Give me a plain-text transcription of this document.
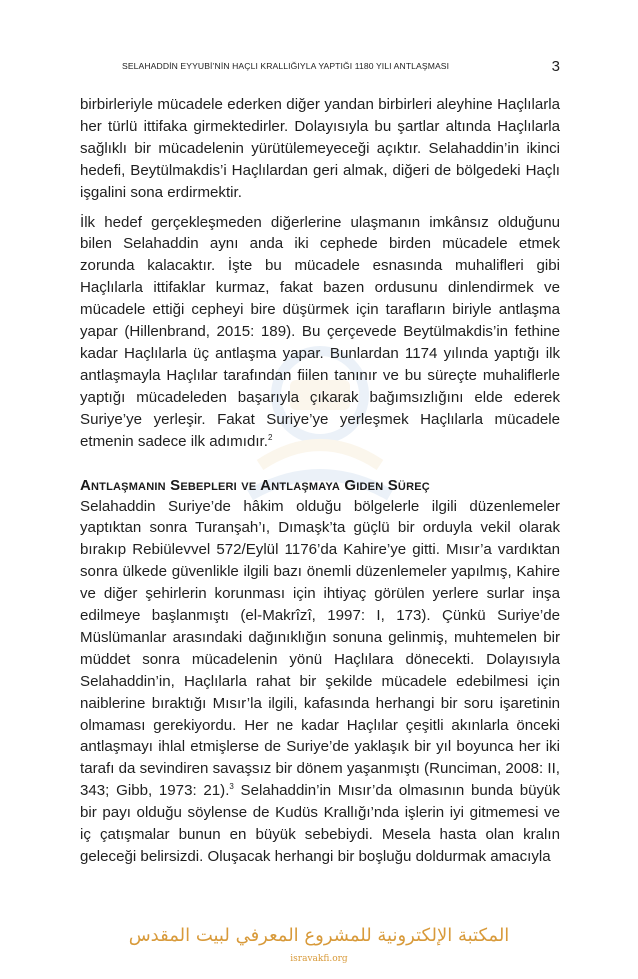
SELAHADDİN EYYUBİ’NİN HAÇLI KRALLIĞIYLA YAPTIĞI 1180 YILI ANTLAŞMASI	3

birbirleriyle mücadele ederken diğer yandan birbirleri aleyhine Haçlılarla her türlü ittifaka girmektedirler. Dolayısıyla bu şartlar altında Haçlılarla sağlıklı bir mücadelenin yürütülemeyeceği açıktır. Selahaddin’in ikinci hedefi, Beytülmakdis’i Haçlılardan geri almak, diğeri de bölgedeki Haçlı işgalini sona erdirmektir.

İlk hedef gerçekleşmeden diğerlerine ulaşmanın imkânsız olduğunu bilen Selahaddin aynı anda iki cephede birden mücadele etmek zorunda kalacaktır. İşte bu mücadele esnasında muhalifleri gibi Haçlılarla ittifaklar kurmaz, fakat bazen ordusunu dinlendirmek ve mücadele ettiği cepheyi bire düşürmek için tarafların biriyle antlaşma yapar (Hillenbrand, 2015: 189). Bu çerçevede Beytülmakdis’in fethine kadar Haçlılarla üç antlaşma yapar. Bunlardan 1174 yılında yaptığı ilk antlaşmayla Haçlılar tarafından fiilen tanınır ve bu süreçte muhaliflerle yaptığı mücadeleden başarıyla çıkarak bağımsızlığını elde ederek Suriye’ye yerleşir. Fakat Suriye’ye yerleşmek Haçlılarla mücadele etmenin sadece ilk adımıdır.$^2$

Antlaşmanın Sebepleri ve Antlaşmaya Giden Süreç

Selahaddin Suriye’de hâkim olduğu bölgelerle ilgili düzenlemeler yaptıktan sonra Turanşah’ı, Dımaşk’ta güçlü bir orduyla vekil olarak bırakıp Rebiülevvel 572/Eylül 1176’da Kahire’ye gitti. Mısır’a vardıktan sonra ülkede güvenlikle ilgili bazı önemli düzenlemeler yapılmış, Kahire ve diğer şehirlerin korunması için ihtiyaç görülen yerlere surlar inşa edilmeye başlanmıştı (el-Makrîzî, 1997: I, 173). Çünkü Suriye’de Müslümanlar arasındaki dağınıklığın sonuna gelinmiş, muhtemelen bir müddet sonra mücadelenin yönü Haçlılara dönecekti. Dolayısıyla Selahaddin’in, Haçlılarla rahat bir şekilde mücadele edebilmesi için naiblerine bıraktığı Mısır’la ilgili, kafasında herhangi bir soru işaretinin olmaması gerekiyordu. Her ne kadar Haçlılar çeşitli akınlarla önceki antlaşmayı ihlal etmişlerse de Suriye’de yaklaşık bir yıl boyunca her iki tarafı da sevindiren savaşsız bir dönem yaşanmıştı (Runciman, 2008: II, 343; Gibb, 1973: 21).$^3$ Selahaddin’in Mısır’da olmasının bunda büyük bir payı olduğu söylense de Kudüs Krallığı’nda işlerin iyi gitmemesi ve iç çatışmalar bunun en büyük sebebiydi. Mesela hasta olan kralın geleceği belirsizdi. Oluşacak herhangi bir boşluğu doldurmak amacıyla

المكتبة الإلكترونية للمشروع المعرفي لبيت المقدس
isravakfi.org
